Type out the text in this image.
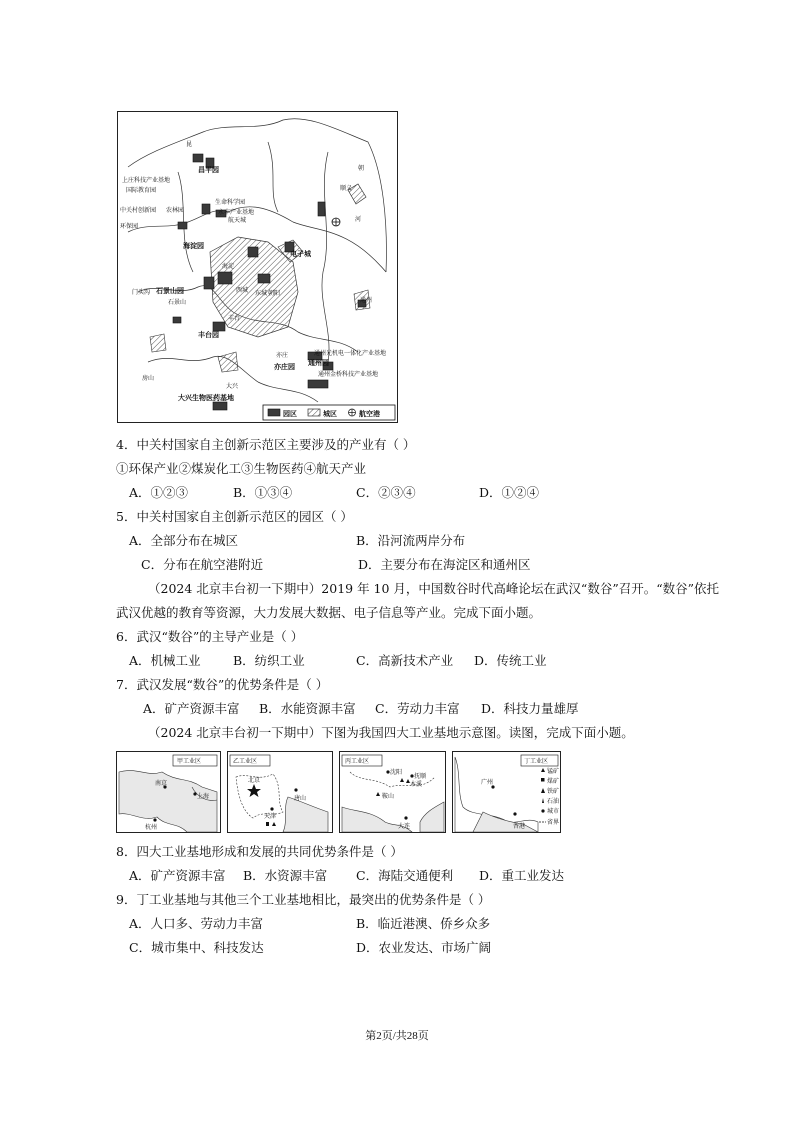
昆
昌平园
上庄科技产业基地
国际教育园
生命科学园
农林园	永丰产业基地
航天城
中关村创新园
环保园
海淀园
电子城
顺义
朝
河
门头沟 石景山园
石景山
西城 东城 朝阳
海淀
丰台
丰台园
通州
亦庄
亦庄园 通州园
通州光机电一体化产业基地
通州金桥科技产业基地
房山
大兴
大兴生物医药基地
园区	城区	航空港
4．中关村国家自主创新示范区主要涉及的产业有（ ）
①环保产业②煤炭化工③生物医药④航天产业
A．①②③	B．①③④	C．②③④	D．①②④
5．中关村国家自主创新示范区的园区（ ）
A．全部分布在城区	B．沿河流两岸分布
C．分布在航空港附近	D．主要分布在海淀区和通州区
（2024 北京丰台初一下期中）2019 年 10 月，中国数谷时代高峰论坛在武汉“数谷”召开。“数谷”依托
武汉优越的教育等资源，大力发展大数据、电子信息等产业。完成下面小题。
6．武汉“数谷”的主导产业是（ ）
A．机械工业	B．纺织工业	C．高新技术产业 D．传统工业
7．武汉发展“数谷”的优势条件是（ ）
A．矿产资源丰富 B．水能资源丰富 C．劳动力丰富 D．科技力量雄厚
（2024 北京丰台初一下期中）下图为我国四大工业基地示意图。读图，完成下面小题。
甲工业区
南京
上海
杭州
乙工业区
北京
唐山
天津
丙工业区
沈阳
抚顺
本溪
鞍山
大连
丁工业区
广州
香港
锰矿
煤矿
铁矿
石油
城市
省界
8．四大工业基地形成和发展的共同优势条件是（ ）
A．矿产资源丰富 B．水资源丰富 C．海陆交通便利 D．重工业发达
9．丁工业基地与其他三个工业基地相比，最突出的优势条件是（ ）
A．人口多、劳动力丰富	B．临近港澳、侨乡众多
C．城市集中、科技发达	D．农业发达、市场广阔
第2页/共28页
